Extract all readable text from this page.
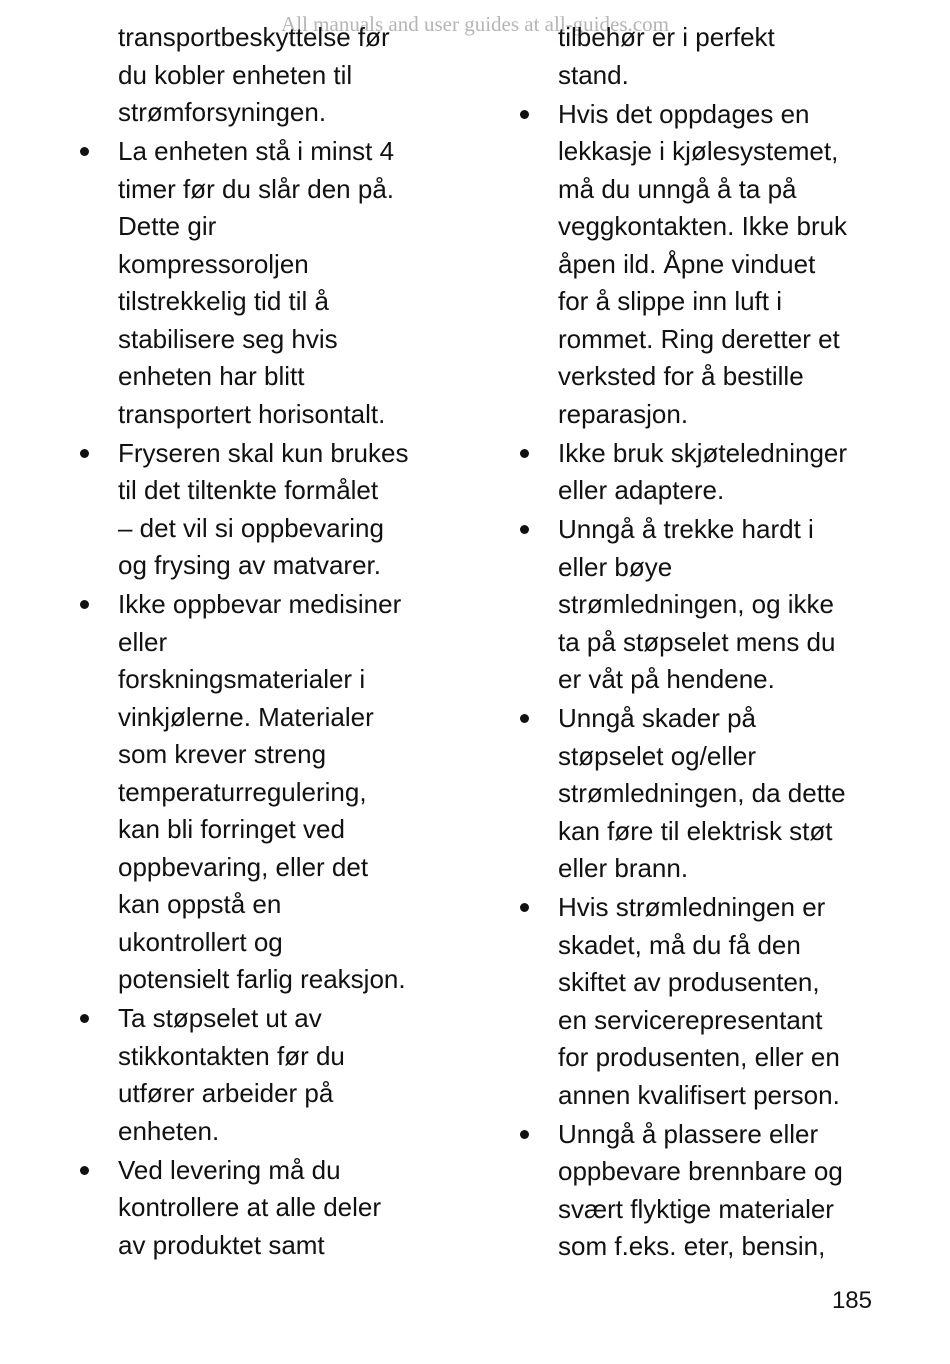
All manuals and user guides at all-guides.com
transportbeskyttelse før
du kobler enheten til
strømforsyningen.
La enheten stå i minst 4
timer før du slår den på.
Dette gir
kompressoroljen
tilstrekkelig tid til å
stabilisere seg hvis
enheten har blitt
transportert horisontalt.
Fryseren skal kun brukes
til det tiltenkte formålet
– det vil si oppbevaring
og frysing av matvarer.
Ikke oppbevar medisiner
eller
forskningsmaterialer i
vinkjølerne. Materialer
som krever streng
temperaturregulering,
kan bli forringet ved
oppbevaring, eller det
kan oppstå en
ukontrollert og
potensielt farlig reaksjon.
Ta støpselet ut av
stikkontakten før du
utfører arbeider på
enheten.
Ved levering må du
kontrollere at alle deler
av produktet samt
tilbehør er i perfekt
stand.
Hvis det oppdages en
lekkasje i kjølesystemet,
må du unngå å ta på
veggkontakten. Ikke bruk
åpen ild. Åpne vinduet
for å slippe inn luft i
rommet. Ring deretter et
verksted for å bestille
reparasjon.
Ikke bruk skjøteledninger
eller adaptere.
Unngå å trekke hardt i
eller bøye
strømledningen, og ikke
ta på støpselet mens du
er våt på hendene.
Unngå skader på
støpselet og/eller
strømledningen, da dette
kan føre til elektrisk støt
eller brann.
Hvis strømledningen er
skadet, må du få den
skiftet av produsenten,
en servicerepresentant
for produsenten, eller en
annen kvalifisert person.
Unngå å plassere eller
oppbevare brennbare og
svært flyktige materialer
som f.eks. eter, bensin,
185
